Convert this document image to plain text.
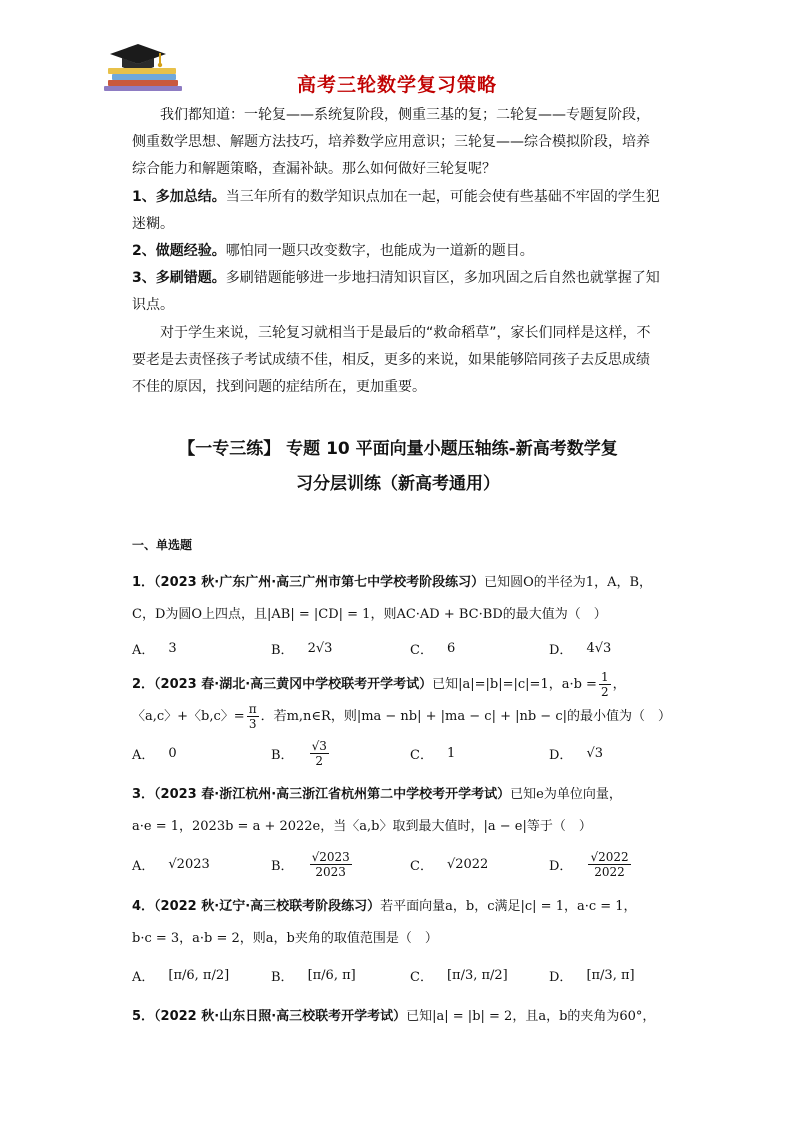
高考三轮数学复习策略

我们都知道：一轮复——系统复阶段，侧重三基的复；二轮复——专题复阶段，侧重数学思想、解题方法技巧，培养数学应用意识；三轮复——综合模拟阶段，培养综合能力和解题策略，查漏补缺。那么如何做好三轮复呢？

1、多加总结。当三年所有的数学知识点加在一起，可能会使有些基础不牢固的学生犯迷糊。

2、做题经验。哪怕同一题只改变数字，也能成为一道新的题目。

3、多刷错题。多刷错题能够进一步地扫清知识盲区，多加巩固之后自然也就掌握了知识点。

对于学生来说，三轮复习就相当于是最后的“救命稻草”，家长们同样是这样，不要老是去责怪孩子考试成绩不佳，相反，更多的来说，如果能够陪同孩子去反思成绩不佳的原因，找到问题的症结所在，更加重要。

【一专三练】 专题 10 平面向量小题压轴练-新高考数学复
习分层训练（新高考通用）
一、单选题
1．（2023 秋·广东广州·高三广州市第七中学校考阶段练习）已知圆O的半径为1，A，B，
C，D为圆O上四点，且|AB| = |CD| = 1，则AC·AD + BC·BD的最大值为（　）
A． 3	B． 2√3	C． 6	D． 4√3
2．（2023 春·湖北·高三黄冈中学校联考开学考试）已知|a|=|b|=|c|=1，$a\cdot b = \frac{1}{2}$ ，
〈a,c〉+〈b,c〉= $\frac{\pi}{3}$ ．若m,n∈R，则|ma − nb| + |ma − c| + |nb − c|的最小值为（　）
A． 0	B． $\frac{√3}{2}$	C． 1	D． √3
3．（2023 春·浙江杭州·高三浙江省杭州第二中学校考开学考试）已知e为单位向量，
a·e = 1，2023b = a + 2022e，当〈a,b〉取到最大值时，|a − e|等于（　）
A． √2023	B． $\frac{√2023}{2023}$	C． √2022	D． $\frac{√2022}{2022}$
4．（2022 秋·辽宁·高三校联考阶段练习）若平面向量a，b，c满足|c| = 1，a·c = 1，
b·c = 3，a·b = 2，则a，b夹角的取值范围是（　）
A． [π/6, π/2]	B． [π/6, π]	C． [π/3, π/2]	D． [π/3, π]
5．（2022 秋·山东日照·高三校联考开学考试）已知|a| = |b| = 2，且a，b的夹角为60°，
